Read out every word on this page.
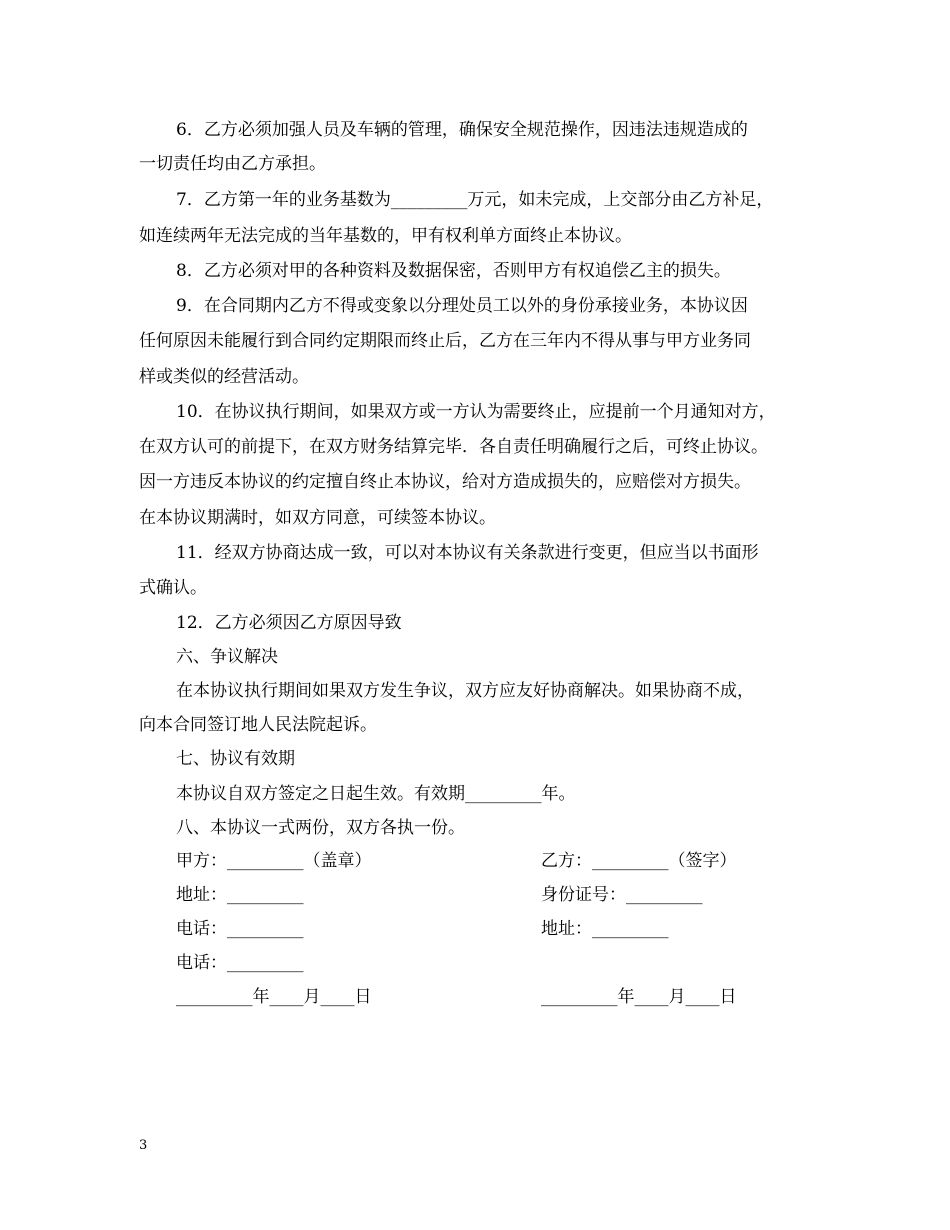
6．乙方必须加强人员及车辆的管理，确保安全规范操作，因违法违规造成的
一切责任均由乙方承担。
7．乙方第一年的业务基数为_________万元，如未完成，上交部分由乙方补足，
如连续两年无法完成的当年基数的，甲有权利单方面终止本协议。
8．乙方必须对甲的各种资料及数据保密，否则甲方有权追偿乙主的损失。
9．在合同期内乙方不得或变象以分理处员工以外的身份承接业务，本协议因
任何原因未能履行到合同约定期限而终止后，乙方在三年内不得从事与甲方业务同
样或类似的经营活动。
10．在协议执行期间，如果双方或一方认为需要终止，应提前一个月通知对方，
在双方认可的前提下，在双方财务结算完毕．各自责任明确履行之后，可终止协议。
因一方违反本协议的约定擅自终止本协议，给对方造成损失的，应赔偿对方损失。
在本协议期满时，如双方同意，可续签本协议。
11．经双方协商达成一致，可以对本协议有关条款进行变更，但应当以书面形
式确认。
12．乙方必须因乙方原因导致
六、争议解决
在本协议执行期间如果双方发生争议，双方应友好协商解决。如果协商不成，
向本合同签订地人民法院起诉。
七、协议有效期
本协议自双方签定之日起生效。有效期_________年。
八、本协议一式两份，双方各执一份。
甲方：_________（盖章）	乙方：_________（签字）
地址：_________	身份证号：_________
电话：_________	地址：_________
电话：_________
_________年____月____日	_________年____月____日
3
